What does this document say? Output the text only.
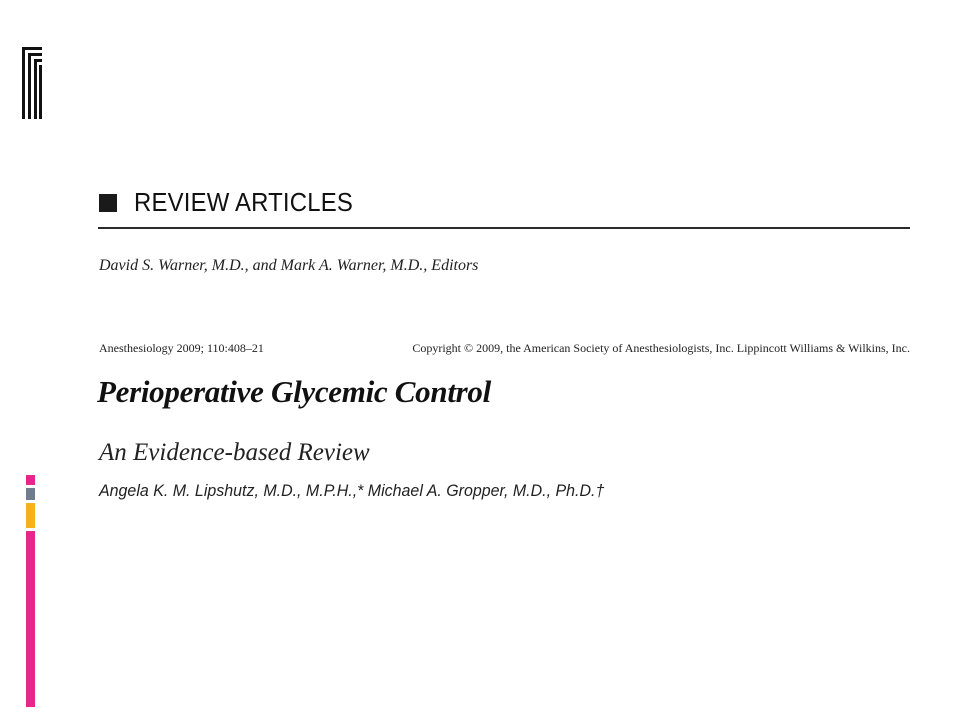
REVIEW ARTICLES
David S. Warner, M.D., and Mark A. Warner, M.D., Editors
Anesthesiology 2009; 110:408–21	Copyright © 2009, the American Society of Anesthesiologists, Inc. Lippincott Williams & Wilkins, Inc.
Perioperative Glycemic Control
An Evidence-based Review
Angela K. M. Lipshutz, M.D., M.P.H.,* Michael A. Gropper, M.D., Ph.D.†
